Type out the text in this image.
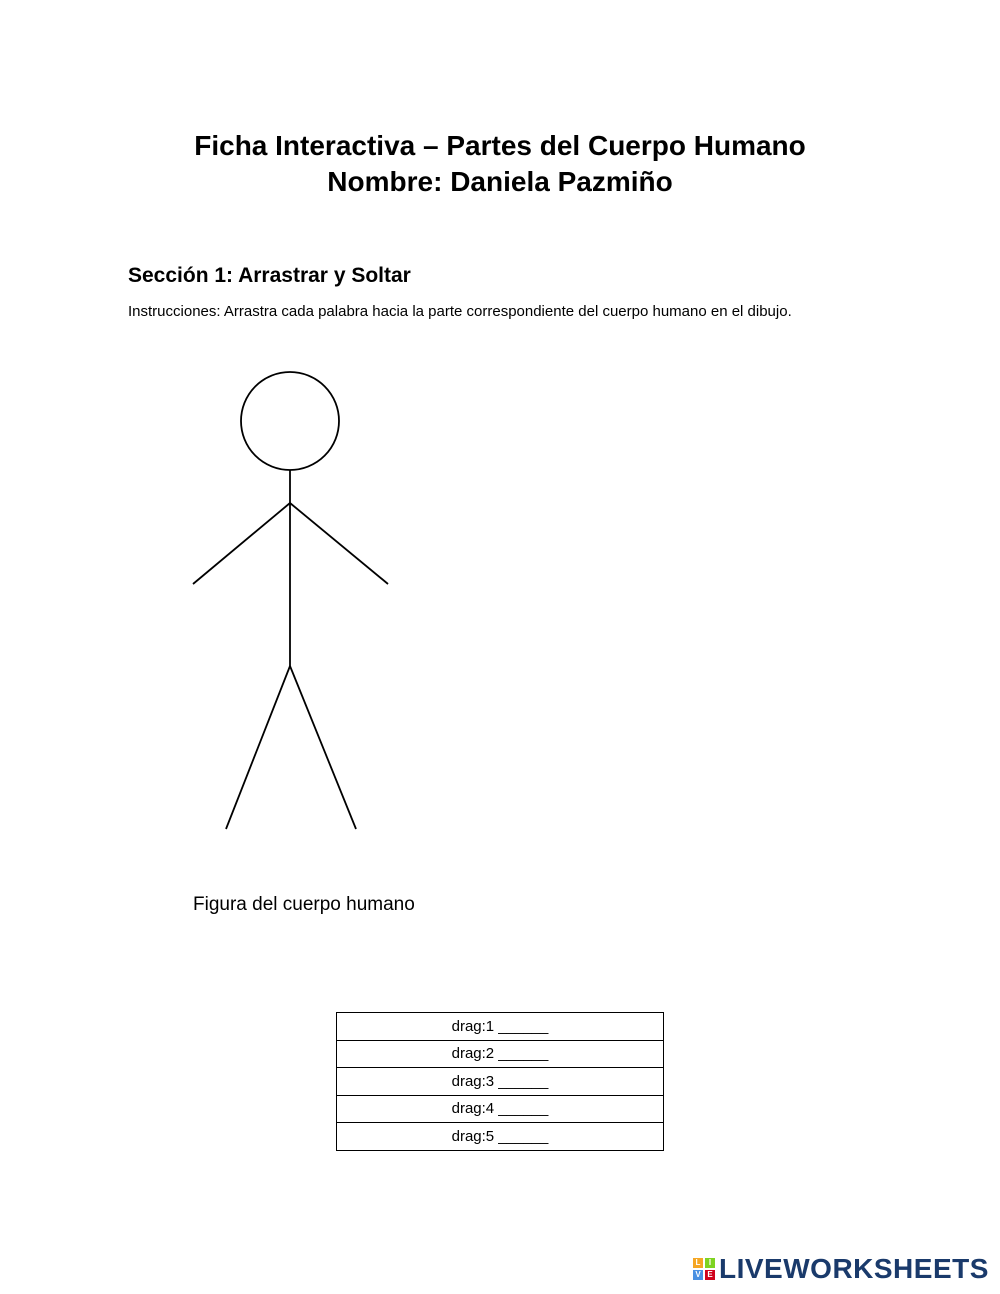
Ficha Interactiva – Partes del Cuerpo Humano
Nombre: Daniela Pazmiño
Sección 1: Arrastrar y Soltar
Instrucciones: Arrastra cada palabra hacia la parte correspondiente del cuerpo humano en el dibujo.
Figura del cuerpo humano
drag:1 ______
drag:2 ______
drag:3 ______
drag:4 ______
drag:5 ______
L	I
V E LIVEWORKSHEETS
